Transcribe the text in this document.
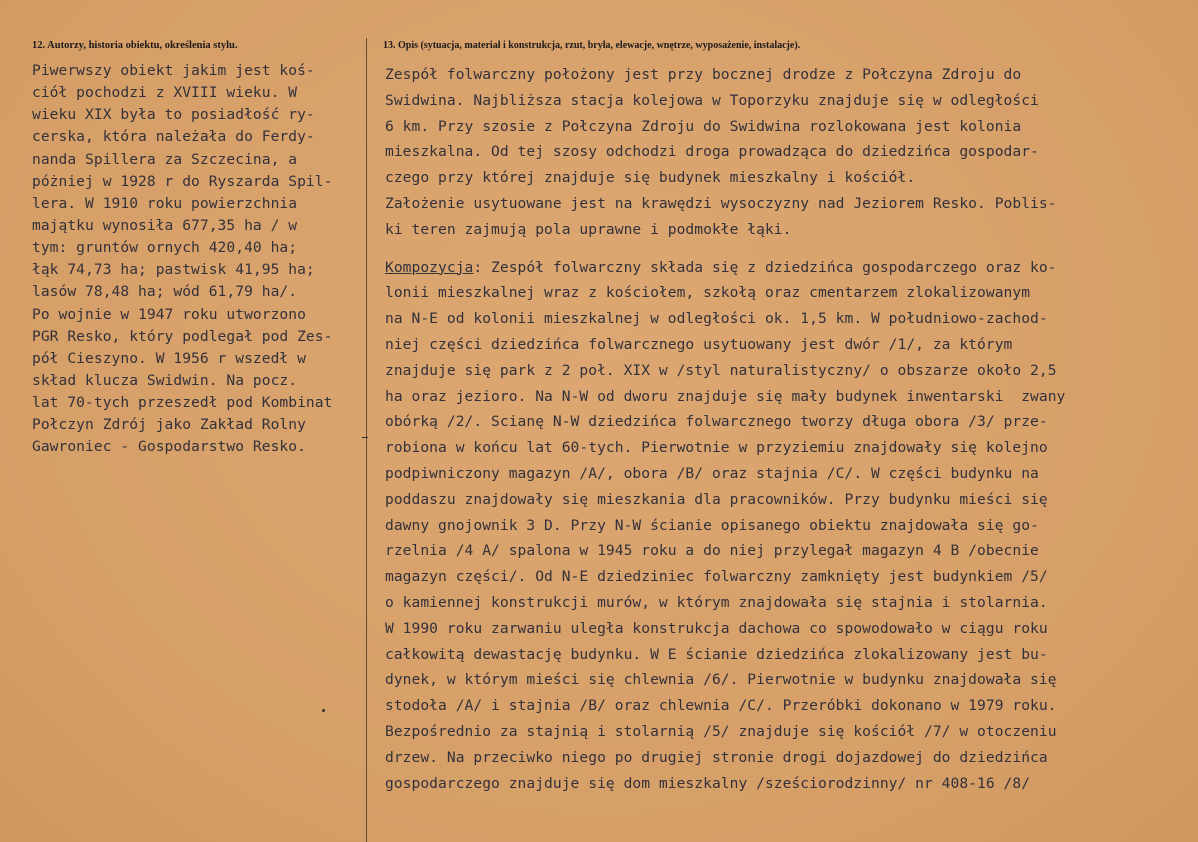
12. Autorzy, historia obiektu, określenia stylu.	13. Opis (sytuacja, materiał i konstrukcja, rzut, bryła, elewacje, wnętrze, wyposażenie, instalacje).
Piwerwszy obiekt jakim jest koś-
ciół pochodzi z XVIII wieku. W
wieku XIX była to posiadłość ry-
cerska, która należała do Ferdy-
nanda Spillera za Szczecina, a
póżniej w 1928 r do Ryszarda Spil-
lera. W 1910 roku powierzchnia
majątku wynosiła 677,35 ha / w
tym: gruntów ornych 420,40 ha;
łąk 74,73 ha; pastwisk 41,95 ha;
lasów 78,48 ha; wód 61,79 ha/.
Po wojnie w 1947 roku utworzono
PGR Resko, który podlegał pod Zes-
pół Cieszyno. W 1956 r wszedł w
skład klucza Swidwin. Na pocz.
lat 70-tych przeszedł pod Kombinat
Połczyn Zdrój jako Zakład Rolny
Gawroniec - Gospodarstwo Resko.
Zespół folwarczny położony jest przy bocznej drodze z Połczyna Zdroju do
Swidwina. Najbliższa stacja kolejowa w Toporzyku znajduje się w odległości
6 km. Przy szosie z Połczyna Zdroju do Swidwina rozlokowana jest kolonia
mieszkalna. Od tej szosy odchodzi droga prowadząca do dziedzińca gospodar-
czego przy której znajduje się budynek mieszkalny i kościół.
Założenie usytuowane jest na krawędzi wysoczyzny nad Jeziorem Resko. Poblis-
ki teren zajmują pola uprawne i podmokłe łąki.
Kompozycja: Zespół folwarczny składa się z dziedzińca gospodarczego oraz ko-
lonii mieszkalnej wraz z kościołem, szkołą oraz cmentarzem zlokalizowanym
na N-E od kolonii mieszkalnej w odległości ok. 1,5 km. W południowo-zachod-
niej części dziedzińca folwarcznego usytuowany jest dwór /1/, za którym
znajduje się park z 2 poł. XIX w /styl naturalistyczny/ o obszarze około 2,5
ha oraz jezioro. Na N-W od dworu znajduje się mały budynek inwentarski  zwany
obórką /2/. Scianę N-W dziedzińca folwarcznego tworzy długa obora /3/ prze-
robiona w końcu lat 60-tych. Pierwotnie w przyziemiu znajdowały się kolejno
podpiwniczony magazyn /A/, obora /B/ oraz stajnia /C/. W części budynku na
poddaszu znajdowały się mieszkania dla pracowników. Przy budynku mieści się
dawny gnojownik 3 D. Przy N-W ścianie opisanego obiektu znajdowała się go-
rzelnia /4 A/ spalona w 1945 roku a do niej przylegał magazyn 4 B /obecnie
magazyn części/. Od N-E dziedziniec folwarczny zamknięty jest budynkiem /5/
o kamiennej konstrukcji murów, w którym znajdowała się stajnia i stolarnia.
W 1990 roku zarwaniu uległa konstrukcja dachowa co spowodowało w ciągu roku
całkowitą dewastację budynku. W E ścianie dziedzińca zlokalizowany jest bu-
dynek, w którym mieści się chlewnia /6/. Pierwotnie w budynku znajdowała się
stodoła /A/ i stajnia /B/ oraz chlewnia /C/. Przeróbki dokonano w 1979 roku.
Bezpośrednio za stajnią i stolarnią /5/ znajduje się kościół /7/ w otoczeniu
drzew. Na przeciwko niego po drugiej stronie drogi dojazdowej do dziedzińca
gospodarczego znajduje się dom mieszkalny /sześciorodzinny/ nr 408-16 /8/
